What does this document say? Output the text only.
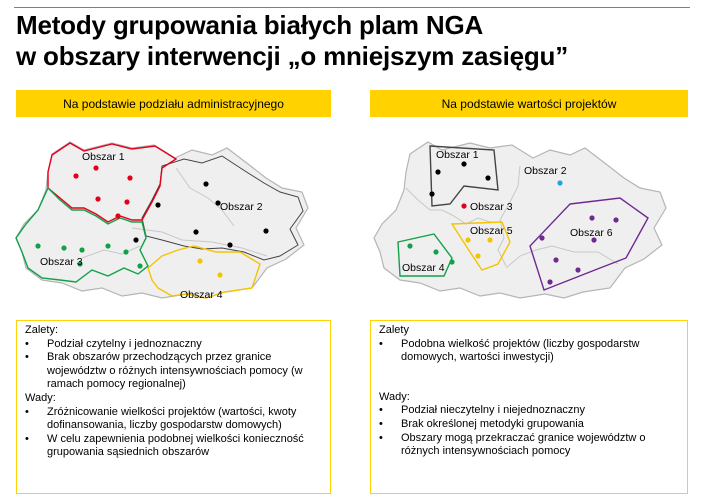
Metody grupowania białych plam NGA
w obszary interwencji „o mniejszym zasięgu”
Na podstawie podziału administracyjnego
Obszar 1
Obszar 2
Obszar 3
Obszar 4
Zalety:
• Podział czytelny i jednoznaczny
• Brak obszarów przechodzących przez granice województw o różnych intensywnościach pomocy (w ramach pomocy regionalnej)
Wady:
• Zróżnicowanie wielkości projektów (wartości, kwoty dofinansowania, liczby gospodarstw domowych)
• W celu zapewnienia podobnej wielkości konieczność grupowania sąsiednich obszarów
Na podstawie wartości projektów
Obszar 1
Obszar 2
Obszar 3
Obszar 4
Obszar 5	Obszar 6
Zalety
• Podobna wielkość projektów (liczby gospodarstw domowych, wartości inwestycji)
Wady:
• Podział nieczytelny i niejednoznaczny
• Brak określonej metodyki grupowania
• Obszary mogą przekraczać granice województw o różnych intensywnościach pomocy
